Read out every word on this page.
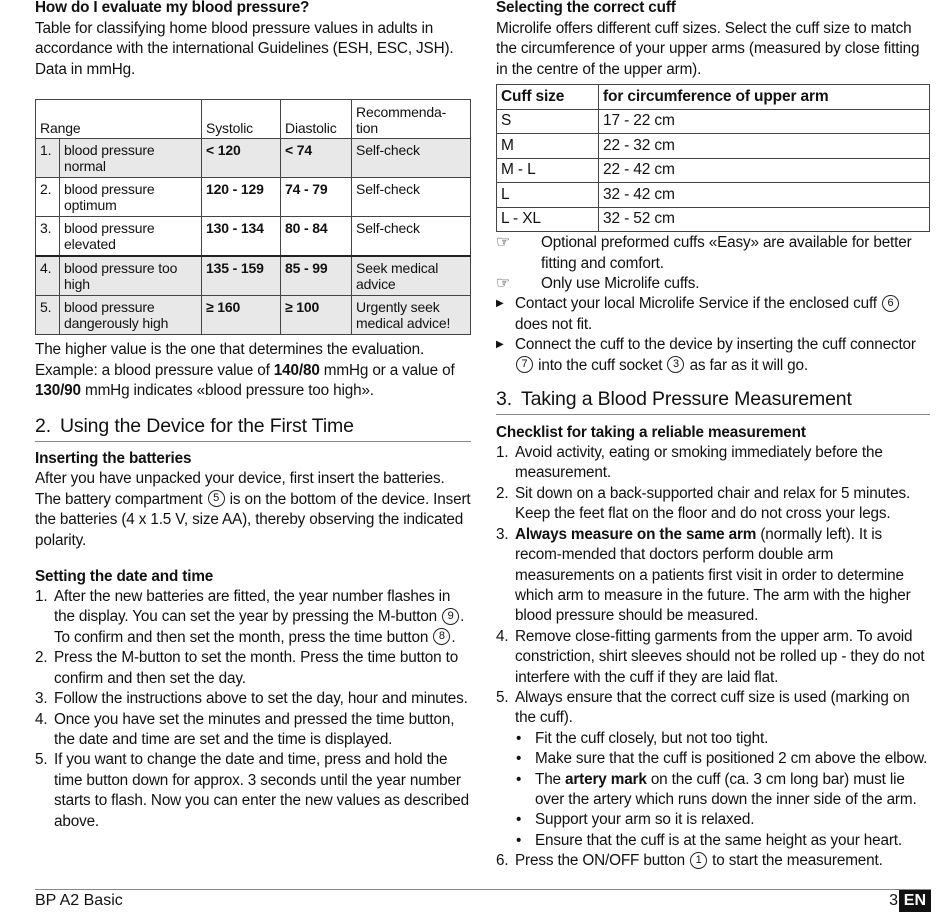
How do I evaluate my blood pressure?

Table for classifying home blood pressure values in adults in accordance with the international Guidelines (ESH, ESC, JSH). Data in mmHg.

Range		Systolic	Diastolic	Recommenda-
tion
1.	blood pressure normal	< 120	< 74	Self-check
2.	blood pressure optimum	120 - 129	74 - 79	Self-check
3.	blood pressure elevated	130 - 134	80 - 84	Self-check
4.	blood pressure too high	135 - 159	85 - 99	Seek medical advice
5.	blood pressure dangerously high	≥ 160	≥ 100	Urgently seek medical advice!

The higher value is the one that determines the evaluation. Example: a blood pressure value of 140/80 mmHg or a value of 130/90 mmHg indicates «blood pressure too high».

2. Using the Device for the First Time

Inserting the batteries

After you have unpacked your device, first insert the batteries. The battery compartment 5 is on the bottom of the device. Insert the batteries (4 x 1.5 V, size AA), thereby observing the indicated polarity.

Setting the date and time

1. After the new batteries are fitted, the year number flashes in the display. You can set the year by pressing the M-button 9 . To confirm and then set the month, press the time button 8 .
2. Press the M-button to set the month. Press the time button to confirm and then set the day.
3. Follow the instructions above to set the day, hour and minutes.
4. Once you have set the minutes and pressed the time button, the date and time are set and the time is displayed.
5. If you want to change the date and time, press and hold the time button down for approx. 3 seconds until the year number starts to flash. Now you can enter the new values as described above.

Selecting the correct cuff

Microlife offers different cuff sizes. Select the cuff size to match the circumference of your upper arms (measured by close fitting in the centre of the upper arm).

Cuff size	for circumference of upper arm
S	17 - 22 cm
M	22 - 32 cm
M - L	22 - 42 cm
L	32 - 42 cm
L - XL	32 - 52 cm
☞	Optional preformed cuffs «Easy» are available for better fitting and comfort.
☞	Only use Microlife cuffs.
▶ Contact your local Microlife Service if the enclosed cuff 6 does not fit.
▶ Connect the cuff to the device by inserting the cuff connector 7 into the cuff socket 3 as far as it will go.

3. Taking a Blood Pressure Measurement

Checklist for taking a reliable measurement

1. Avoid activity, eating or smoking immediately before the measurement.
2. Sit down on a back-supported chair and relax for 5 minutes. Keep the feet flat on the floor and do not cross your legs.
3. Always measure on the same arm (normally left). It is recom-mended that doctors perform double arm measurements on a patients first visit in order to determine which arm to measure in the future. The arm with the higher blood pressure should be measured.
4. Remove close-fitting garments from the upper arm. To avoid constriction, shirt sleeves should not be rolled up - they do not interfere with the cuff if they are laid flat.
5. Always ensure that the correct cuff size is used (marking on the cuff).
• Fit the cuff closely, but not too tight.
• Make sure that the cuff is positioned 2 cm above the elbow.
• The artery mark on the cuff (ca. 3 cm long bar) must lie over the artery which runs down the inner side of the arm.
• Support your arm so it is relaxed.
• Ensure that the cuff is at the same height as your heart.
6. Press the ON/OFF button 1 to start the measurement.
BP A2 Basic	3 EN
